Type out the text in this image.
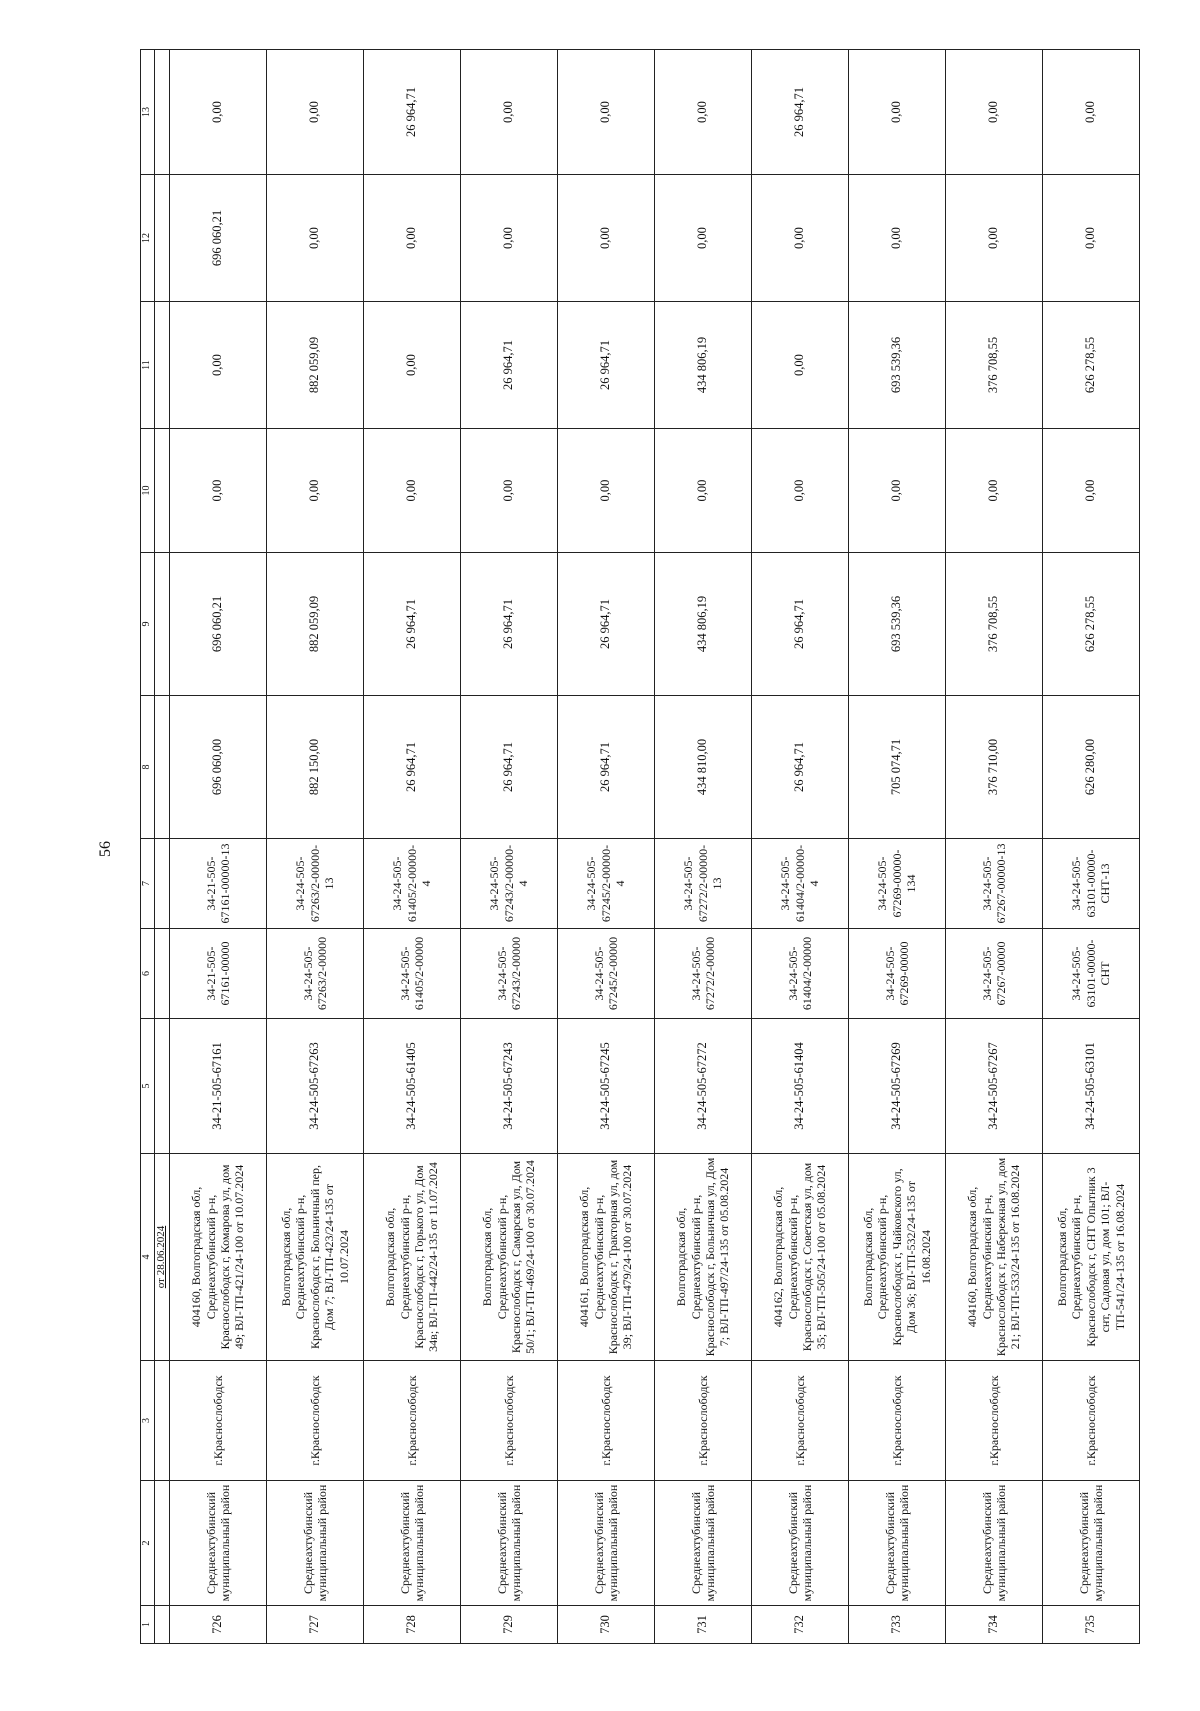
56
1	2	3	4	5	6	7	8	9	10	11	12	13
			от 28.06.2024									
726	Среднеахтубинский муниципальный район	г.Краснослободск	404160, Волгоградская обл, Среднеахтубинский р-н, Краснослободск г, Комарова ул, дом 49; ВЛ-ТП-421/24-100 от 10.07.2024	34-21-505-67161	34-21-505-67161-00000	34-21-505-67161-00000-13	696 060,00	696 060,21	0,00	0,00	696 060,21	0,00
727	Среднеахтубинский муниципальный район	г.Краснослободск	Волгоградская обл, Среднеахтубинский р-н, Краснослободск г, Больничный пер, Дом 7; ВЛ-ТП-423/24-135 от 10.07.2024	34-24-505-67263	34-24-505-67263/2-00000	34-24-505-67263/2-00000-13	882 150,00	882 059,09	0,00	882 059,09	0,00	0,00
728	Среднеахтубинский муниципальный район	г.Краснослободск	Волгоградская обл, Среднеахтубинский р-н, Краснослободск г, Горького ул, Дом 34в; ВЛ-ТП-442/24-135 от 11.07.2024	34-24-505-61405	34-24-505-61405/2-00000	34-24-505-61405/2-00000-4	26 964,71	26 964,71	0,00	0,00	0,00	26 964,71
729	Среднеахтубинский муниципальный район	г.Краснослободск	Волгоградская обл, Среднеахтубинский р-н, Краснослободск г, Самарская ул, Дом 50/1; ВЛ-ТП-469/24-100 от 30.07.2024	34-24-505-67243	34-24-505-67243/2-00000	34-24-505-67243/2-00000-4	26 964,71	26 964,71	0,00	26 964,71	0,00	0,00
730	Среднеахтубинский муниципальный район	г.Краснослободск	404161, Волгоградская обл, Среднеахтубинский р-н, Краснослободск г, Тракторная ул, дом 39; ВЛ-ТП-479/24-100 от 30.07.2024	34-24-505-67245	34-24-505-67245/2-00000	34-24-505-67245/2-00000-4	26 964,71	26 964,71	0,00	26 964,71	0,00	0,00
731	Среднеахтубинский муниципальный район	г.Краснослободск	Волгоградская обл, Среднеахтубинский р-н, Краснослободск г, Больничная ул, Дом 7; ВЛ-ТП-497/24-135 от 05.08.2024	34-24-505-67272	34-24-505-67272/2-00000	34-24-505-67272/2-00000-13	434 810,00	434 806,19	0,00	434 806,19	0,00	0,00
732	Среднеахтубинский муниципальный район	г.Краснослободск	404162, Волгоградская обл, Среднеахтубинский р-н, Краснослободск г, Советская ул, дом 35; ВЛ-ТП-505/24-100 от 05.08.2024	34-24-505-61404	34-24-505-61404/2-00000	34-24-505-61404/2-00000-4	26 964,71	26 964,71	0,00	0,00	0,00	26 964,71
733	Среднеахтубинский муниципальный район	г.Краснослободск	Волгоградская обл, Среднеахтубинский р-н, Краснослободск г, Чайковского ул, Дом 36; ВЛ-ТП-532/24-135 от 16.08.2024	34-24-505-67269	34-24-505-67269-00000	34-24-505-67269-00000-134	705 074,71	693 539,36	0,00	693 539,36	0,00	0,00
734	Среднеахтубинский муниципальный район	г.Краснослободск	404160, Волгоградская обл, Среднеахтубинский р-н, Краснослободск г, Набережная ул, дом 21; ВЛ-ТП-533/24-135 от 16.08.2024	34-24-505-67267	34-24-505-67267-00000	34-24-505-67267-00000-13	376 710,00	376 708,55	0,00	376 708,55	0,00	0,00
735	Среднеахтубинский муниципальный район	г.Краснослободск	Волгоградская обл, Среднеахтубинский р-н, Краснослободск г, СНТ Опытник 3 снт, Садовая ул, дом 101; ВЛ-ТП-541/24-135 от 16.08.2024	34-24-505-63101	34-24-505-63101-00000-СНТ	34-24-505-63101-00000-СНТ-13	626 280,00	626 278,55	0,00	626 278,55	0,00	0,00
